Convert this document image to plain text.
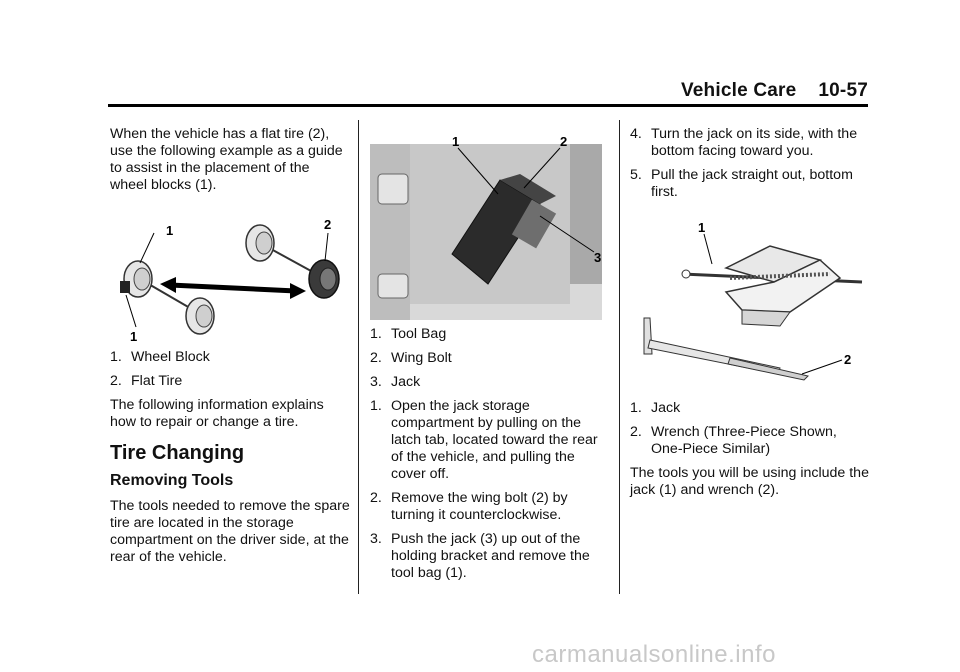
Vehicle Care 10-57

When the vehicle has a flat tire (2), use the following example as a guide to assist in the placement of the wheel blocks (1).

1	2
1
1. Wheel Block
2. Flat Tire

The following information explains how to repair or change a tire.

Tire Changing
Removing Tools

The tools needed to remove the spare tire are located in the storage compartment on the driver side, at the rear of the vehicle.

1	2
3
1. Tool Bag
2. Wing Bolt
3. Jack
1. Open the jack storage compartment by pulling on the latch tab, located toward the rear of the vehicle, and pulling the cover off.
2. Remove the wing bolt (2) by turning it counterclockwise.
3. Push the jack (3) up out of the holding bracket and remove the tool bag (1).
4. Turn the jack on its side, with the bottom facing toward you.
5. Pull the jack straight out, bottom first.
1
2
1. Jack
2. Wrench (Three-Piece Shown, One-Piece Similar)

The tools you will be using include the jack (1) and wrench (2).

carmanualsonline.info
